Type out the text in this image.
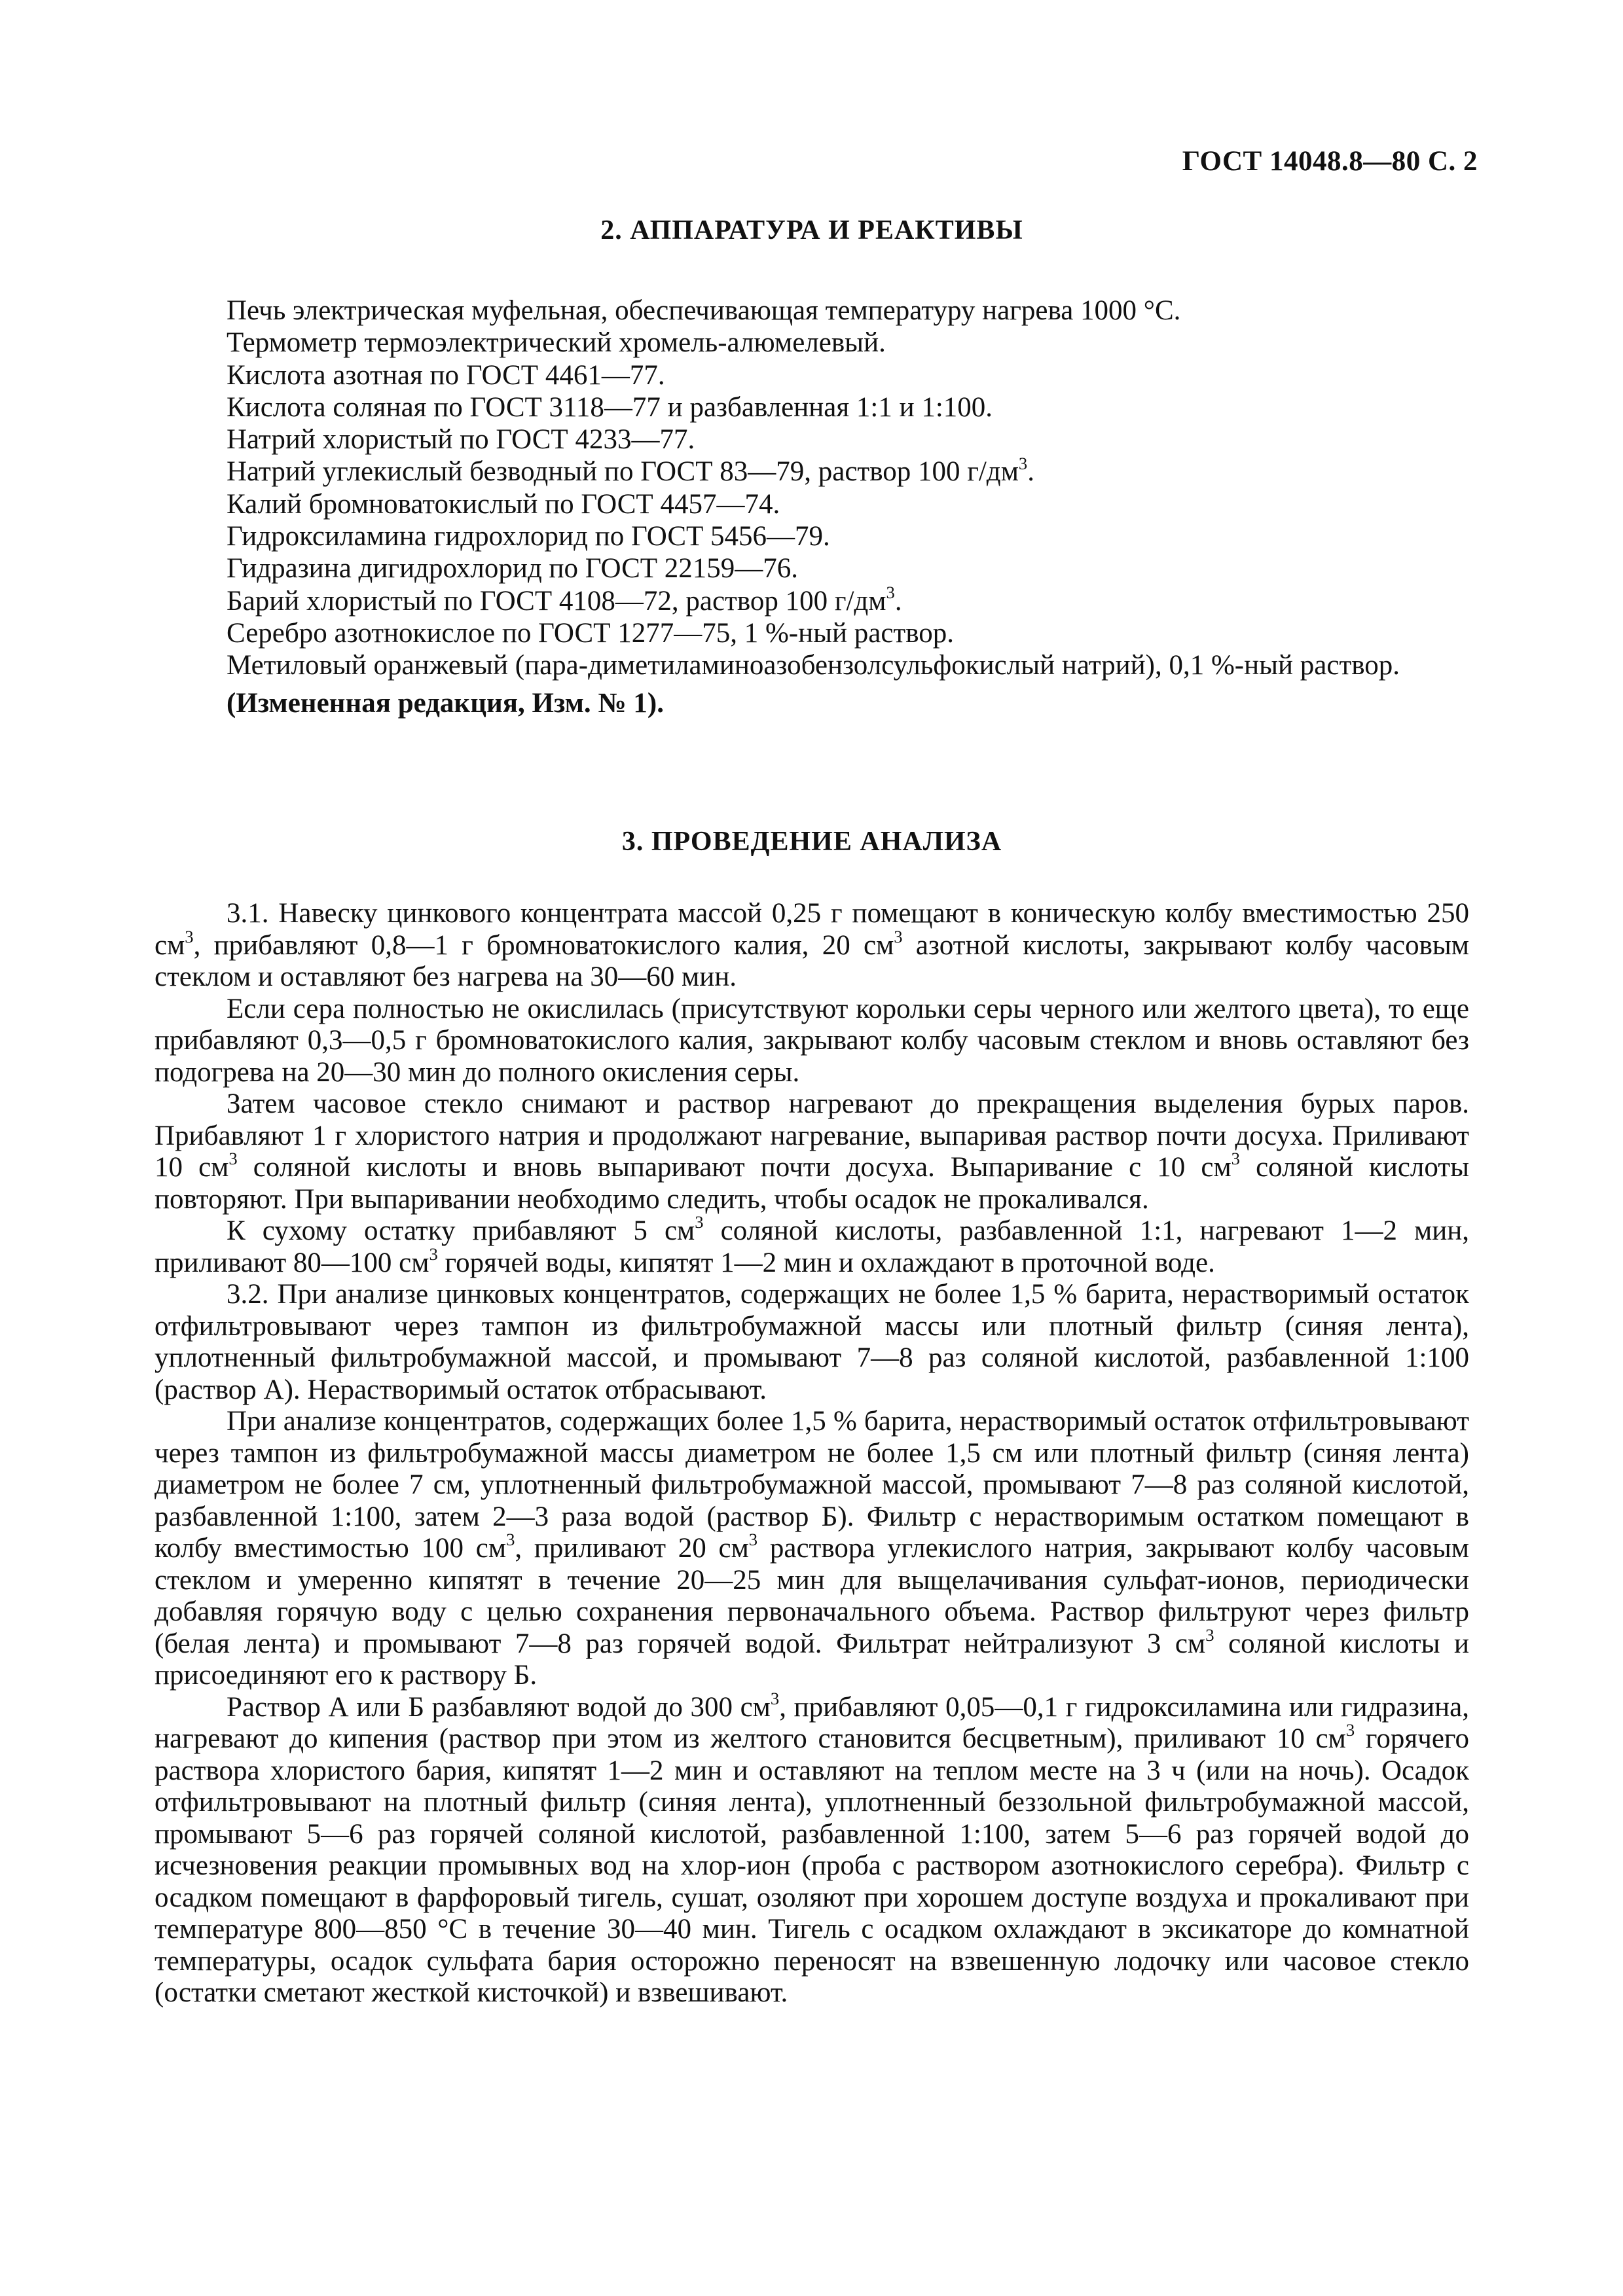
ГОСТ 14048.8—80 С. 2
2. АППАРАТУРА И РЕАКТИВЫ
Печь электрическая муфельная, обеспечивающая температуру нагрева 1000 °С.
Термометр термоэлектрический хромель-алюмелевый.
Кислота азотная по ГОСТ 4461—77.
Кислота соляная по ГОСТ 3118—77 и разбавленная 1:1 и 1:100.
Натрий хлористый по ГОСТ 4233—77.
Натрий углекислый безводный по ГОСТ 83—79, раствор 100 $г/дм^3$.
Калий бромноватокислый по ГОСТ 4457—74.
Гидроксиламина гидрохлорид по ГОСТ 5456—79.
Гидразина дигидрохлорид по ГОСТ 22159—76.
Барий хлористый по ГОСТ 4108—72, раствор 100 $г/дм^3$.
Серебро азотнокислое по ГОСТ 1277—75, 1 %-ный раствор.
Метиловый оранжевый (пара-диметиламиноазобензолсульфокислый натрий), 0,1 %-ный раствор.
(Измененная редакция, Изм. № 1).
3. ПРОВЕДЕНИЕ АНАЛИЗА

3.1. Навеску цинкового концентрата массой 0,25 г помещают в коническую колбу вместимостью 250 $см^3$, прибавляют 0,8—1 г бромноватокислого калия, 20 $см^3$ азотной кислоты, закрывают колбу часовым стеклом и оставляют без нагрева на 30—60 мин.

Если сера полностью не окислилась (присутствуют корольки серы черного или желтого цвета), то еще прибавляют 0,3—0,5 г бромноватокислого калия, закрывают колбу часовым стеклом и вновь оставляют без подогрева на 20—30 мин до полного окисления серы.

Затем часовое стекло снимают и раствор нагревают до прекращения выделения бурых паров. Прибавляют 1 г хлористого натрия и продолжают нагревание, выпаривая раствор почти досуха. Приливают 10 $см^3$ соляной кислоты и вновь выпаривают почти досуха. Выпаривание с 10 $см^3$ соляной кислоты повторяют. При выпаривании необходимо следить, чтобы осадок не прокаливался.

К сухому остатку прибавляют 5 $см^3$ соляной кислоты, разбавленной 1:1, нагревают 1—2 мин, приливают 80—100 $см^3$ горячей воды, кипятят 1—2 мин и охлаждают в проточной воде.

3.2. При анализе цинковых концентратов, содержащих не более 1,5 % барита, нерастворимый остаток отфильтровывают через тампон из фильтробумажной массы или плотный фильтр (синяя лента), уплотненный фильтробумажной массой, и промывают 7—8 раз соляной кислотой, разбавленной 1:100 (раствор А). Нерастворимый остаток отбрасывают.

При анализе концентратов, содержащих более 1,5 % барита, нерастворимый остаток отфильтровывают через тампон из фильтробумажной массы диаметром не более 1,5 см или плотный фильтр (синяя лента) диаметром не более 7 см, уплотненный фильтробумажной массой, промывают 7—8 раз соляной кислотой, разбавленной 1:100, затем 2—3 раза водой (раствор Б). Фильтр с нерастворимым остатком помещают в колбу вместимостью 100 $см^3$, приливают 20 $см^3$ раствора углекислого натрия, закрывают колбу часовым стеклом и умеренно кипятят в течение 20—25 мин для выщелачивания сульфат-ионов, периодически добавляя горячую воду с целью сохранения первоначального объема. Раствор фильтруют через фильтр (белая лента) и промывают 7—8 раз горячей водой. Фильтрат нейтрализуют 3 $см^3$ соляной кислоты и присоединяют его к раствору Б.

Раствор А или Б разбавляют водой до 300 $см^3$, прибавляют 0,05—0,1 г гидроксиламина или гидразина, нагревают до кипения (раствор при этом из желтого становится бесцветным), приливают 10 $см^3$ горячего раствора хлористого бария, кипятят 1—2 мин и оставляют на теплом месте на 3 ч (или на ночь). Осадок отфильтровывают на плотный фильтр (синяя лента), уплотненный беззольной фильтробумажной массой, промывают 5—6 раз горячей соляной кислотой, разбавленной 1:100, затем 5—6 раз горячей водой до исчезновения реакции промывных вод на хлор-ион (проба с раствором азотнокислого серебра). Фильтр с осадком помещают в фарфоровый тигель, сушат, озоляют при хорошем доступе воздуха и прокаливают при температуре 800—850 °С в течение 30—40 мин. Тигель с осадком охлаждают в эксикаторе до комнатной температуры, осадок сульфата бария осторожно переносят на взвешенную лодочку или часовое стекло (остатки сметают жесткой кисточкой) и взвешивают.
